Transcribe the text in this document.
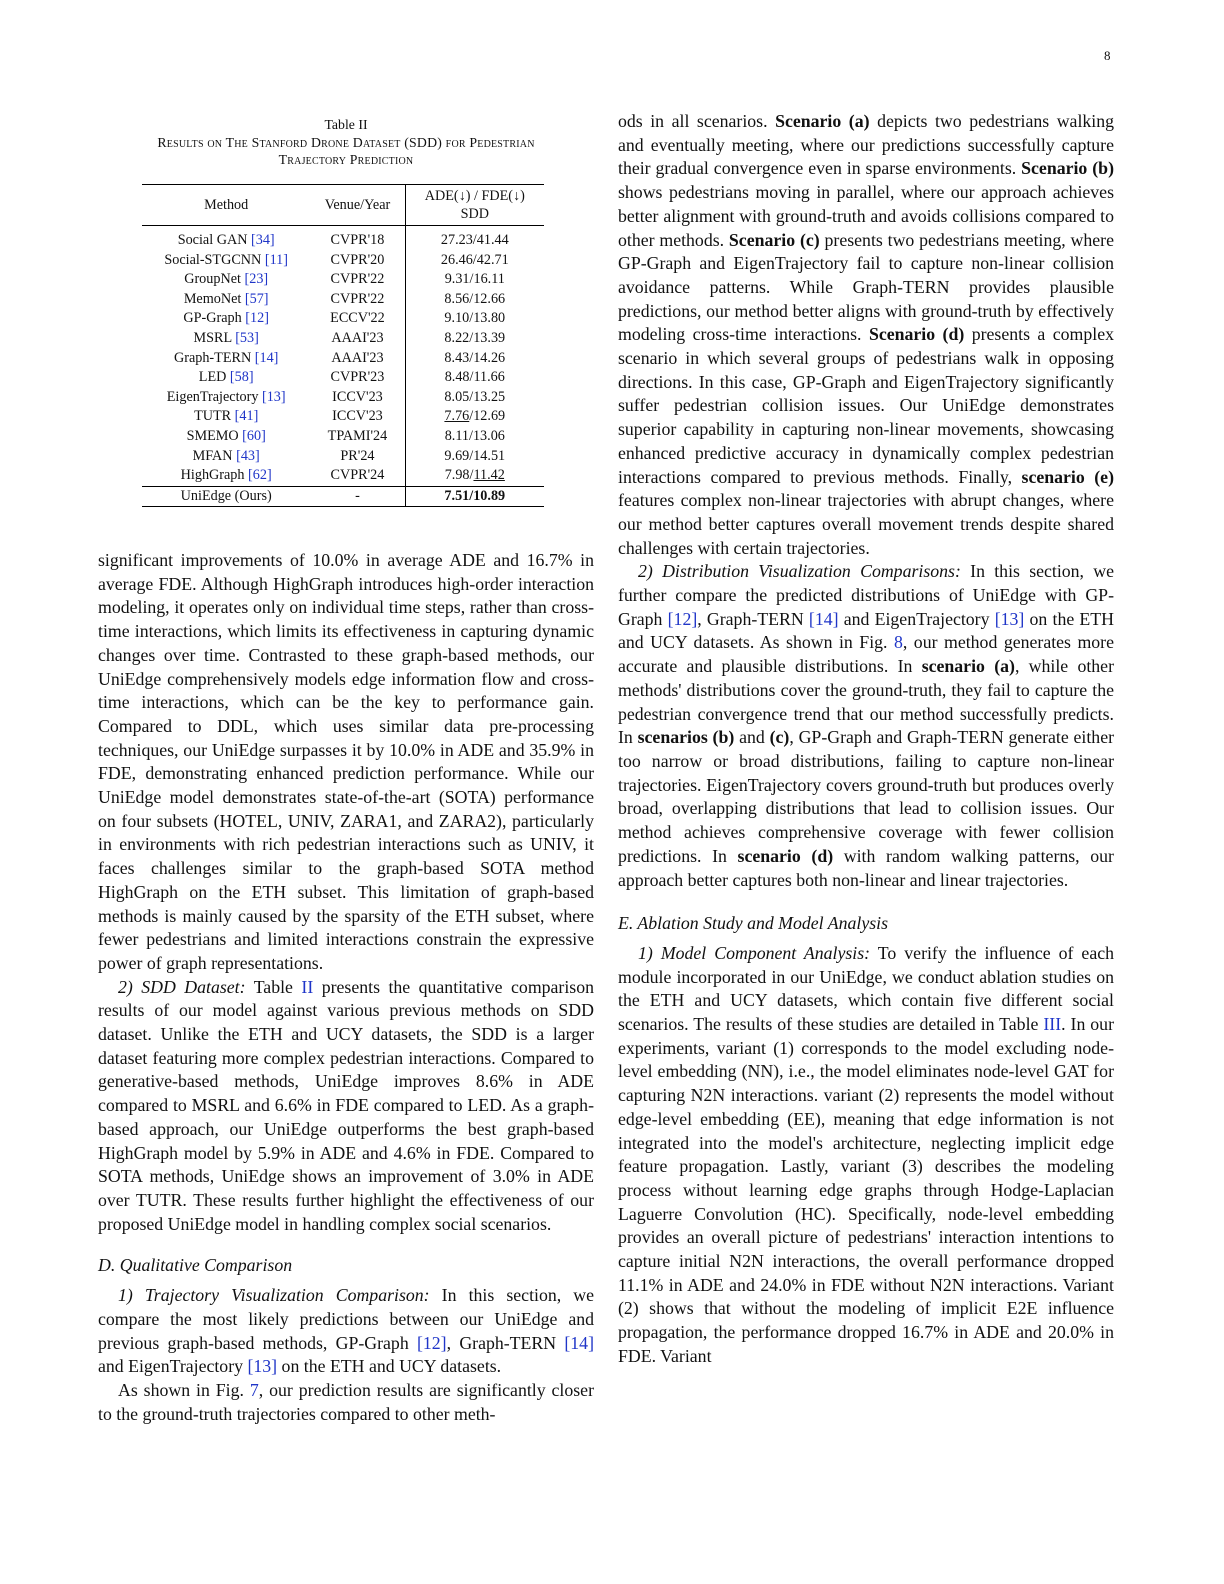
8
Table II
Results on The Stanford Drone Dataset (SDD) for Pedestrian
Trajectory Prediction
Method	Venue/Year	ADE(↓) / FDE(↓)
SDD

Social GAN [34]	CVPR'18	27.23/41.44
Social-STGCNN [11]	CVPR'20	26.46/42.71
GroupNet [23]	CVPR'22	9.31/16.11
MemoNet [57]	CVPR'22	8.56/12.66
GP-Graph [12]	ECCV'22	9.10/13.80
MSRL [53]	AAAI'23	8.22/13.39
Graph-TERN [14]	AAAI'23	8.43/14.26
LED [58]	CVPR'23	8.48/11.66
EigenTrajectory [13]	ICCV'23	8.05/13.25
TUTR [41]	ICCV'23	7.76/12.69
SMEMO [60]	TPAMI'24	8.11/13.06
MFAN [43]	PR'24	9.69/14.51
HighGraph [62]	CVPR'24	7.98/11.42
UniEdge (Ours)	-	7.51/10.89

significant improvements of 10.0% in average ADE and 16.7% in average FDE. Although HighGraph introduces high-order interaction modeling, it operates only on individual time steps, rather than cross-time interactions, which limits its effectiveness in capturing dynamic changes over time. Contrasted to these graph-based methods, our UniEdge comprehensively models edge information flow and cross-time interactions, which can be the key to performance gain. Compared to DDL, which uses similar data pre-processing techniques, our UniEdge surpasses it by 10.0% in ADE and 35.9% in FDE, demonstrating enhanced prediction performance. While our UniEdge model demonstrates state-of-the-art (SOTA) performance on four subsets (HOTEL, UNIV, ZARA1, and ZARA2), particularly in environments with rich pedestrian interactions such as UNIV, it faces challenges similar to the graph-based SOTA method HighGraph on the ETH subset. This limitation of graph-based methods is mainly caused by the sparsity of the ETH subset, where fewer pedestrians and limited interactions constrain the expressive power of graph representations.

2) SDD Dataset: Table II presents the quantitative comparison results of our model against various previous methods on SDD dataset. Unlike the ETH and UCY datasets, the SDD is a larger dataset featuring more complex pedestrian interactions. Compared to generative-based methods, UniEdge improves 8.6% in ADE compared to MSRL and 6.6% in FDE compared to LED. As a graph-based approach, our UniEdge outperforms the best graph-based HighGraph model by 5.9% in ADE and 4.6% in FDE. Compared to SOTA methods, UniEdge shows an improvement of 3.0% in ADE over TUTR. These results further highlight the effectiveness of our proposed UniEdge model in handling complex social scenarios.

D. Qualitative Comparison

1) Trajectory Visualization Comparison: In this section, we compare the most likely predictions between our UniEdge and previous graph-based methods, GP-Graph [12], Graph-TERN [14] and EigenTrajectory [13] on the ETH and UCY datasets.

As shown in Fig. 7, our prediction results are significantly closer to the ground-truth trajectories compared to other meth-

ods in all scenarios. Scenario (a) depicts two pedestrians walking and eventually meeting, where our predictions successfully capture their gradual convergence even in sparse environments. Scenario (b) shows pedestrians moving in parallel, where our approach achieves better alignment with ground-truth and avoids collisions compared to other methods. Scenario (c) presents two pedestrians meeting, where GP-Graph and EigenTrajectory fail to capture non-linear collision avoidance patterns. While Graph-TERN provides plausible predictions, our method better aligns with ground-truth by effectively modeling cross-time interactions. Scenario (d) presents a complex scenario in which several groups of pedestrians walk in opposing directions. In this case, GP-Graph and EigenTrajectory significantly suffer pedestrian collision issues. Our UniEdge demonstrates superior capability in capturing non-linear movements, showcasing enhanced predictive accuracy in dynamically complex pedestrian interactions compared to previous methods. Finally, scenario (e) features complex non-linear trajectories with abrupt changes, where our method better captures overall movement trends despite shared challenges with certain trajectories.

2) Distribution Visualization Comparisons: In this section, we further compare the predicted distributions of UniEdge with GP-Graph [12], Graph-TERN [14] and EigenTrajectory [13] on the ETH and UCY datasets. As shown in Fig. 8, our method generates more accurate and plausible distributions. In scenario (a), while other methods' distributions cover the ground-truth, they fail to capture the pedestrian convergence trend that our method successfully predicts. In scenarios (b) and (c), GP-Graph and Graph-TERN generate either too narrow or broad distributions, failing to capture non-linear trajectories. EigenTrajectory covers ground-truth but produces overly broad, overlapping distributions that lead to collision issues. Our method achieves comprehensive coverage with fewer collision predictions. In scenario (d) with random walking patterns, our approach better captures both non-linear and linear trajectories.

E. Ablation Study and Model Analysis

1) Model Component Analysis: To verify the influence of each module incorporated in our UniEdge, we conduct ablation studies on the ETH and UCY datasets, which contain five different social scenarios. The results of these studies are detailed in Table III. In our experiments, variant (1) corresponds to the model excluding node-level embedding (NN), i.e., the model eliminates node-level GAT for capturing N2N interactions. variant (2) represents the model without edge-level embedding (EE), meaning that edge information is not integrated into the model's architecture, neglecting implicit edge feature propagation. Lastly, variant (3) describes the modeling process without learning edge graphs through Hodge-Laplacian Laguerre Convolution (HC). Specifically, node-level embedding provides an overall picture of pedestrians' interaction intentions to capture initial N2N interactions, the overall performance dropped 11.1% in ADE and 24.0% in FDE without N2N interactions. Variant (2) shows that without the modeling of implicit E2E influence propagation, the performance dropped 16.7% in ADE and 20.0% in FDE. Variant
